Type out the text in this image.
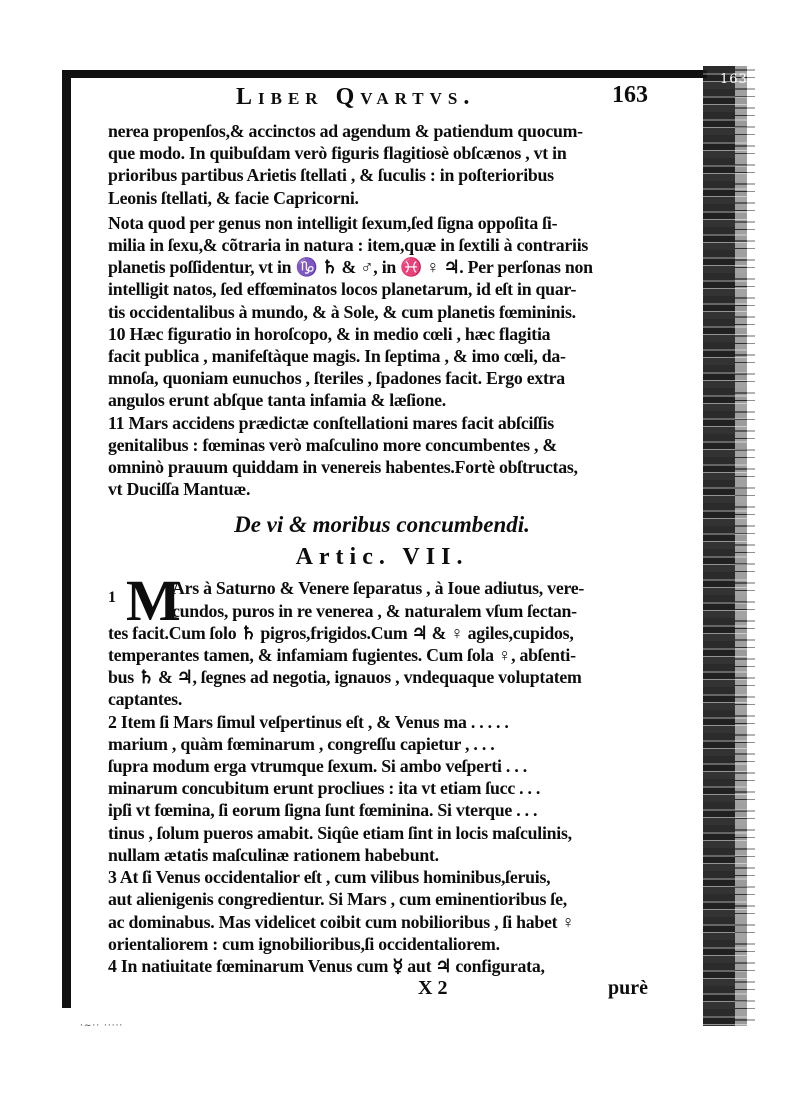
·~·· ·····
Liber Qvartvs.	163
nerea propenſos,& accinctos ad agendum & patiendum quocum-
que modo. In quibuſdam verò figuris flagitiosè obſcænos , vt in
prioribus partibus Arietis ſtellati , & ſuculis : in poſterioribus
Leonis ſtellati, & facie Capricorni.
Nota quod per genus non intelligit ſexum,ſed ſigna oppoſita ſi-
milia in ſexu,& cõtraria in natura : item,quæ in ſextili à contrariis
planetis poſſidentur, vt in ♑ ♄ & ♂, in ♓ ♀ ♃. Per perſonas non
intelligit natos, ſed effœminatos locos planetarum, id eſt in quar-
tis occidentalibus à mundo, & à Sole, & cum planetis fœmininis.
10 Hæc figuratio in horoſcopo, & in medio cœli , hæc flagitia
facit publica , manifeſtàque magis. In ſeptima , & imo cœli, da-
mnoſa, quoniam eunuchos , ſteriles , ſpadones facit. Ergo extra
angulos erunt abſque tanta infamia & læſione.
11 Mars accidens prædictæ conſtellationi mares facit abſciſſis
genitalibus : fœminas verò maſculino more concumbentes , &
omninò prauum quiddam in venereis habentes.Fortè obſtructas,
vt Duciſſa Mantuæ.
De vi & moribus concumbendi.
Artic. VII.
1 M
Ars à Saturno & Venere ſeparatus , à Ioue adiutus, vere-
cundos, puros in re venerea , & naturalem vſum ſectan-
tes facit.Cum ſolo ♄ pigros,frigidos.Cum ♃ & ♀ agiles,cupidos,
temperantes tamen, & infamiam fugientes. Cum ſola ♀, abſenti-
bus ♄ & ♃, ſegnes ad negotia, ignauos , vndequaque voluptatem
captantes.
2 Item ſi Mars ſimul veſpertinus eſt , & Venus ma . . . . .
marium , quàm fœminarum , congreſſu capietur , . . .
ſupra modum erga vtrumque ſexum. Si ambo veſperti . . .
minarum concubitum erunt procliues : ita vt etiam ſucc . . .
ipſi vt fœmina, ſi eorum ſigna ſunt fœminina. Si vterque . . .
tinus , ſolum pueros amabit. Siqûe etiam ſint in locis maſculinis,
nullam ætatis maſculinæ rationem habebunt.
3 At ſi Venus occidentalior eſt , cum vilibus hominibus,ſeruis,
aut alienigenis congredientur. Si Mars , cum eminentioribus ſe,
ac dominabus. Mas videlicet coibit cum nobilioribus , ſi habet ♀
orientaliorem : cum ignobilioribus,ſi occidentaliorem.
4 In natiuitate fœminarum Venus cum ☿ aut ♃ configurata,
X 2	purè
163
